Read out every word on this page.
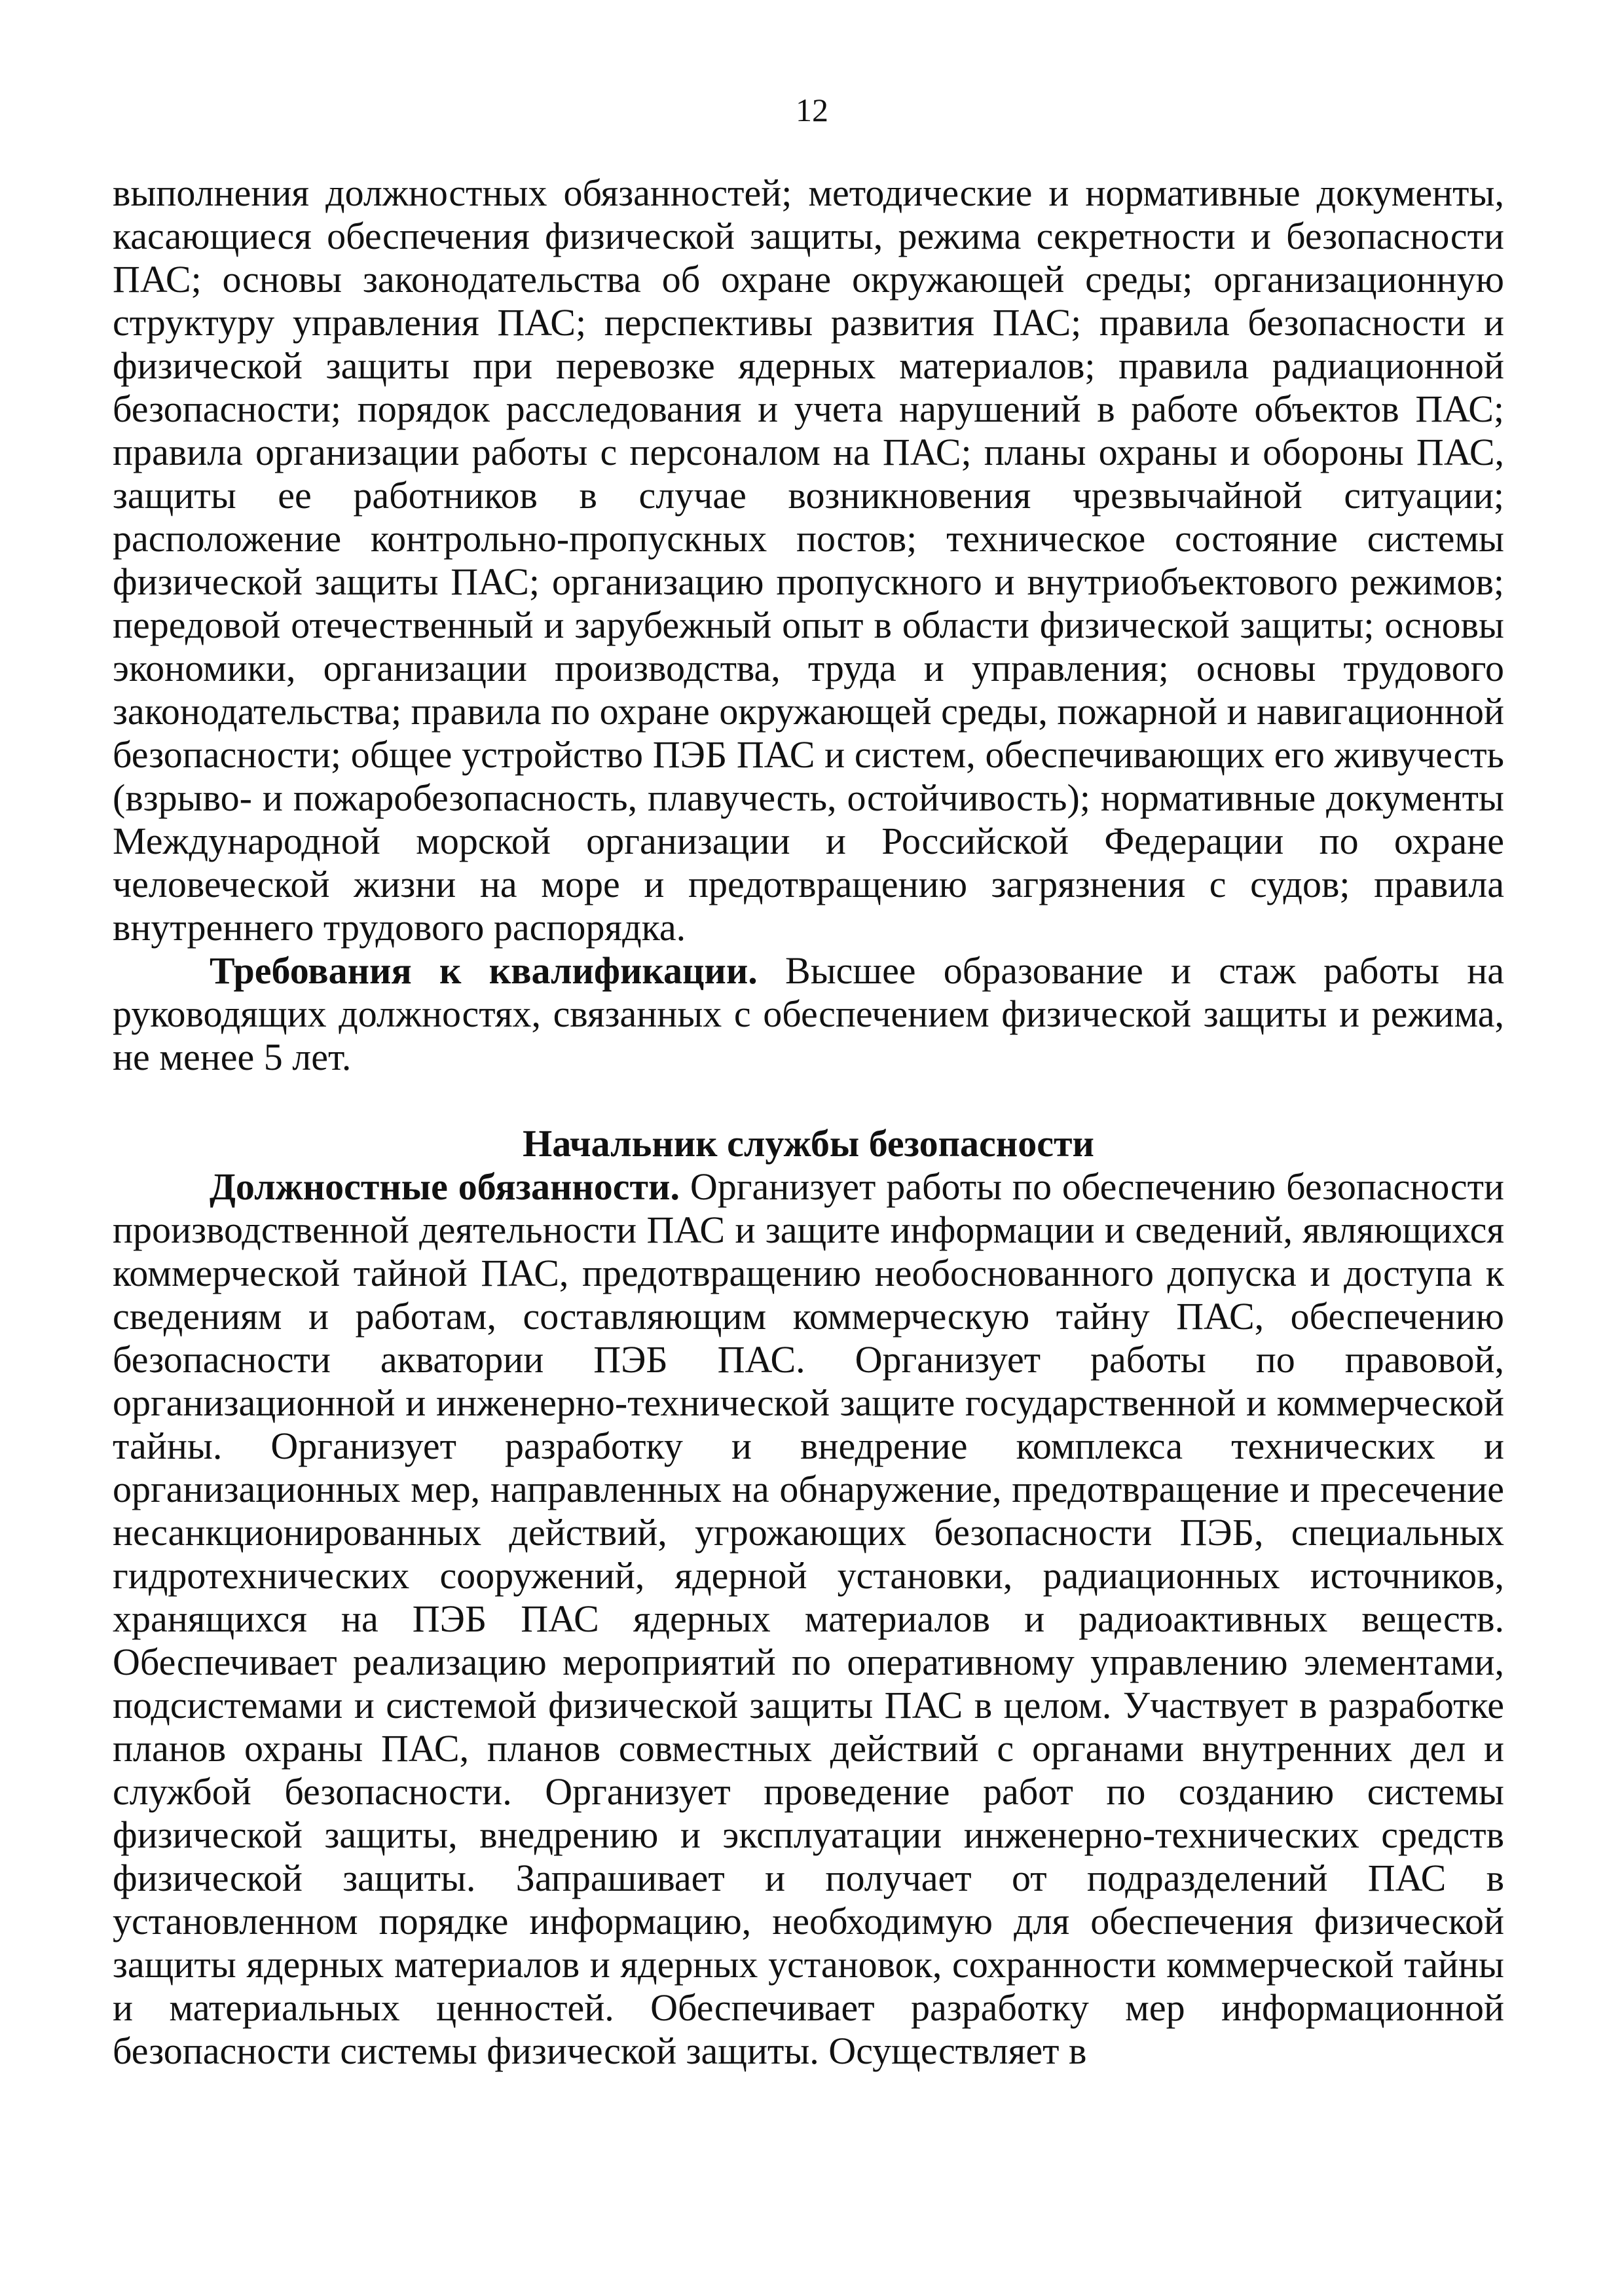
12

выполнения должностных обязанностей; методические и нормативные документы, касающиеся обеспечения физической защиты, режима секретности и безопасности ПАС; основы законодательства об охране окружающей среды; организационную структуру управления ПАС; перспективы развития ПАС; правила безопасности и физической защиты при перевозке ядерных материалов; правила радиационной безопасности; порядок расследования и учета нарушений в работе объектов ПАС; правила организации работы с персоналом на ПАС; планы охраны и обороны ПАС, защиты ее работников в случае возникновения чрезвычайной ситуации; расположение контрольно-пропускных постов; техническое состояние системы физической защиты ПАС; организацию пропускного и внутриобъектового режимов; передовой отечественный и зарубежный опыт в области физической защиты; основы экономики, организации производства, труда и управления; основы трудового законодательства; правила по охране окружающей среды, пожарной и навигационной безопасности; общее устройство ПЭБ ПАС и систем, обеспечивающих его живучесть (взрыво- и пожаробезопасность, плавучесть, остойчивость); нормативные документы Международной морской организации и Российской Федерации по охране человеческой жизни на море и предотвращению загрязнения с судов; правила внутреннего трудового распорядка.

Требования к квалификации. Высшее образование и стаж работы на руководящих должностях, связанных с обеспечением физической защиты и режима, не менее 5 лет.

Начальник службы безопасности

Должностные обязанности. Организует работы по обеспечению безопасности производственной деятельности ПАС и защите информации и сведений, являющихся коммерческой тайной ПАС, предотвращению необоснованного допуска и доступа к сведениям и работам, составляющим коммерческую тайну ПАС, обеспечению безопасности акватории ПЭБ ПАС. Организует работы по правовой, организационной и инженерно-технической защите государственной и коммерческой тайны. Организует разработку и внедрение комплекса технических и организационных мер, направленных на обнаружение, предотвращение и пресечение несанкционированных действий, угрожающих безопасности ПЭБ, специальных гидротехнических сооружений, ядерной установки, радиационных источников, хранящихся на ПЭБ ПАС ядерных материалов и радиоактивных веществ. Обеспечивает реализацию мероприятий по оперативному управлению элементами, подсистемами и системой физической защиты ПАС в целом. Участвует в разработке планов охраны ПАС, планов совместных действий с органами внутренних дел и службой безопасности. Организует проведение работ по созданию системы физической защиты, внедрению и эксплуатации инженерно-технических средств физической защиты. Запрашивает и получает от подразделений ПАС в установленном порядке информацию, необходимую для обеспечения физической защиты ядерных материалов и ядерных установок, сохранности коммерческой тайны и материальных ценностей. Обеспечивает разработку мер информационной безопасности системы физической защиты. Осуществляет в
